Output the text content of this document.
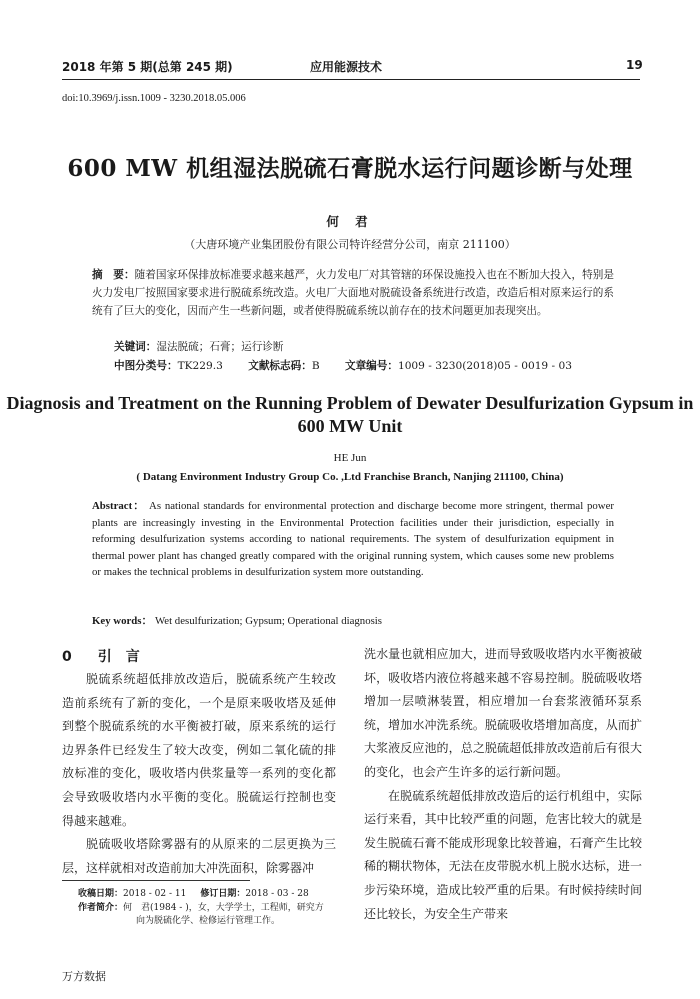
2018 年第 5 期(总第 245 期)	应用能源技术	19
doi:10.3969/j.issn.1009 - 3230.2018.05.006
600 MW 机组湿法脱硫石膏脱水运行问题诊断与处理
何 君
（大唐环境产业集团股份有限公司特许经营分公司，南京 211100）
摘　要：随着国家环保排放标准要求越来越严，火力发电厂对其管辖的环保设施投入也在不断加大投入，特别是火力发电厂按照国家要求进行脱硫系统改造。火电厂大面地对脱硫设备系统进行改造，改造后相对原来运行的系统有了巨大的变化，因而产生一些新问题，或者使得脱硫系统以前存在的技术问题更加表现突出。
关键词：湿法脱硫；石膏；运行诊断
中图分类号：TK229.3 文献标志码：B 文章编号：1009 - 3230(2018)05 - 0019 - 03
Diagnosis and Treatment on the Running Problem of Dewater Desulfurization Gypsum in 600 MW Unit
HE Jun
( Datang Environment Industry Group Co. ,Ltd Franchise Branch, Nanjing 211100, China)
Abstract： As national standards for environmental protection and discharge become more stringent, thermal power plants are increasingly investing in the Environmental Protection facilities under their jurisdiction, especially in reforming desulfurization systems according to national requirements. The system of desulfurization equipment in thermal power plant has changed greatly compared with the original running system, which causes some new problems or makes the technical problems in desulfurization system more outstanding.
Key words： Wet desulfurization; Gypsum; Operational diagnosis
0 引　言

脱硫系统超低排放改造后，脱硫系统产生较改造前系统有了新的变化，一个是原来吸收塔及延伸到整个脱硫系统的水平衡被打破，原来系统的运行边界条件已经发生了较大改变，例如二氧化硫的排放标准的变化，吸收塔内供浆量等一系列的变化都会导致吸收塔内水平衡的变化。脱硫运行控制也变得越来越难。

脱硫吸收塔除雾器有的从原来的二层更换为三层，这样就相对改造前加大冲洗面积，除雾器冲

洗水量也就相应加大，进而导致吸收塔内水平衡被破坏，吸收塔内液位将越来越不容易控制。脱硫吸收塔增加一层喷淋装置，相应增加一台套浆液循环泵系统，增加水冲洗系统。脱硫吸收塔增加高度，从而扩大浆液反应池的，总之脱硫超低排放改造前后有很大的变化，也会产生许多的运行新问题。

在脱硫系统超低排放改造后的运行机组中，实际运行来看，其中比较严重的问题，危害比较大的就是发生脱硫石膏不能成形现象比较普遍，石膏产生比较稀的糊状物体，无法在皮带脱水机上脱水达标，进一步污染环境，造成比较严重的后果。有时候持续时间还比较长，为安全生产带来

收稿日期：2018 - 02 - 11 修订日期：2018 - 03 - 28
作者简介：何　君(1984 - )，女，大学学士，工程师，研究方
向为脱硫化学、检修运行管理工作。
万方数据
